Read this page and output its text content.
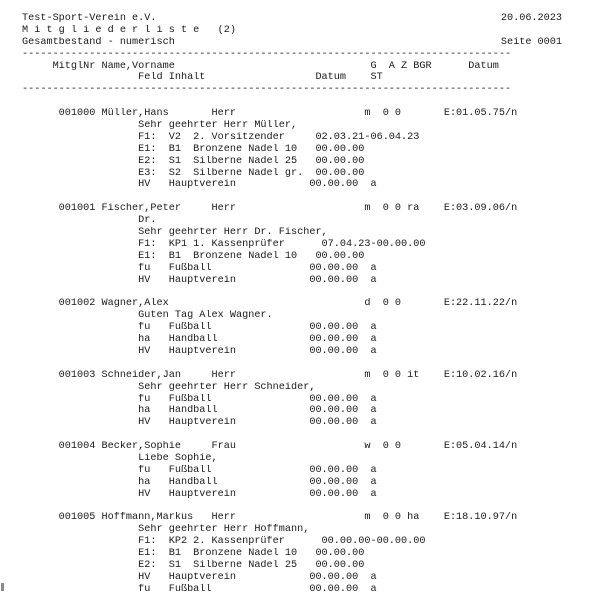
Test-Sport-Verein e.V.	20.06.2023
M i t g l i e d e r l i s t e   (2)
Gesamtbestand - numerisch	Seite 0001
--------------------------------------------------------------------------------
MitglNr Name,Vorname                                G  A Z BGR      Datum
Feld Inhalt                  Datum    ST
--------------------------------------------------------------------------------
001000 Müller,Hans       Herr                     m  0 0       E:01.05.75/n
Sehr geehrter Herr Müller,
F1:  V2  2. Vorsitzender     02.03.21-06.04.23
E1:  B1  Bronzene Nadel 10   00.00.00
E2:  S1  Silberne Nadel 25   00.00.00
E3:  S2  Silberne Nadel gr.  00.00.00
HV   Hauptverein            00.00.00  a
001001 Fischer,Peter     Herr                     m  0 0 ra    E:03.09.06/n
Dr.
Sehr geehrter Herr Dr. Fischer,
F1:  KP1 1. Kassenprüfer      07.04.23-00.00.00
E1:  B1  Bronzene Nadel 10   00.00.00
fu   Fußball                00.00.00  a
HV   Hauptverein            00.00.00  a
001002 Wagner,Alex                                d  0 0       E:22.11.22/n
Guten Tag Alex Wagner.
fu   Fußball                00.00.00  a
ha   Handball               00.00.00  a
HV   Hauptverein            00.00.00  a
001003 Schneider,Jan     Herr                     m  0 0 it    E:10.02.16/n
Sehr geehrter Herr Schneider,
fu   Fußball                00.00.00  a
ha   Handball               00.00.00  a
HV   Hauptverein            00.00.00  a
001004 Becker,Sophie     Frau                     w  0 0       E:05.04.14/n
Liebe Sophie,
fu   Fußball                00.00.00  a
ha   Handball               00.00.00  a
HV   Hauptverein            00.00.00  a
001005 Hoffmann,Markus   Herr                     m  0 0 ha    E:18.10.97/n
Sehr geehrter Herr Hoffmann,
F1:  KP2 2. Kassenprüfer      00.00.00-00.00.00
E1:  B1  Bronzene Nadel 10   00.00.00
E2:  S1  Silberne Nadel 25   00.00.00
HV   Hauptverein            00.00.00  a
fu   Fußball                00.00.00  a
